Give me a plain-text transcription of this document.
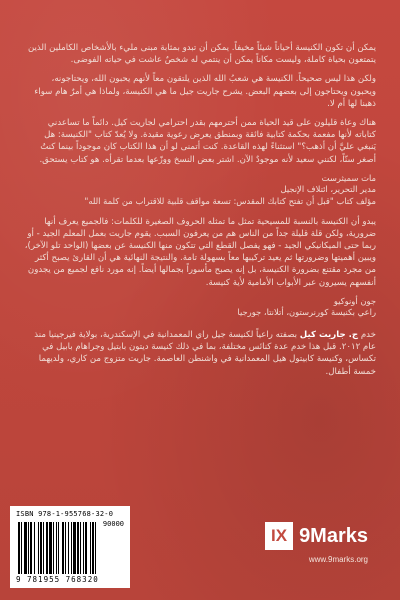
يمكن أن تكون الكنيسة أحياناً شيئاً مخيفاً. يمكن أن تبدو بمثابة مبنى مليء بالأشخاص الكاملين الذين يتمتعون بحياة كاملة، وليست مكاناً يمكن أن ينتمي له شخصٌ عاشت في حياته الفوضى.

ولكن هذا ليس صحيحاً. الكنيسة هي شعبُ الله الذين يلتقون معاً لأنهم يحبون الله، ويحتاجونه، ويحبون ويحتاجون إلى بعضهم البعض. يشرح جاريت جيل ما هي الكنيسة، ولماذا هي أمرٌ هام سواء ذهبنا لها أم لا.

هناك وعاة قليلون على قيد الحياة ممن أحترمهم بقدر احترامي لجاريت كيل. دائماً ما تساعدني كتاباته لأنها مفعمة بحكمة كتابية فائقة وبمنطق يعرض رعوية مقيدة. ولا يُعدّ كتاب "الكنيسة: هل يَنبغي عليَّ أن أذهب؟" استثناءً لهذه القاعدة. كنت أتمنى لو أن هذا الكتاب كان موجوداً بينما كنتُ أصغر سنّاً، لكنني سعيد لأنه موجودٌ الآن. اشتر بعض النسخ ووزّعها بعدما تقرأه. هو كتاب يستحق.

مات سميثرست

مدير التحرير، ائتلاف الإنجيل

مؤلف كتاب "قبل أن تفتح كتابك المقدس: تسعة مواقف قلبية للاقتراب من كلمة الله"

يبدو أن الكنيسة بالنسبة للمسيحية تمثل ما تمثله الحروف الصغيرة للكلمات: فالجميع يعرف أنها ضرورية، ولكن قلة قليلة جداً من الناس هم من يعرفون السبب. يقوم جاريت بعمل المعلم الجيد - أو ربما حتى الميكانيكي الجيد - فهو يفصل القطع التي تتكون منها الكنيسة عن بعضها (الواحد تلو الآخر)، ويبين أهميتها وضرورتها ثم يعيد تركيبها معاً بسهولة تامة. والنتيجة النهائية هي أن القارئ يصبح أكثر من مجرد مقتنع بضرورة الكنيسة، بل إنه يصبح مأسوراً بجمالها أيضاً. إنه مورد نافع لجميع من يجدون أنفسهم يسيرون عبر الأبواب الأمامية لأية كنيسة.

جون أونوكيو

راعي بكنيسة كورنرستون، أتلانتا، جورجيا

خدم ج. جاريت كيل بصفته راعياً لكنيسة جيل راي المعمدانية في الإسكندرية، بولاية فيرجينيا منذ عام ٢٠١٢. قبل هذا خدم عدة كنائس مختلفة، بما في ذلك كنيسة ديتون بابتيل وجراهام بابيل في تكساس، وكنيسة كابيتول هيل المعمدانية في واشنطن العاصمة. جاريت متزوج من كاري، ولديهما خمسة أطفال.

ISBN 978-1-955768-32-0
90000
9 781955 768320
IX 9Marks
www.9marks.org
